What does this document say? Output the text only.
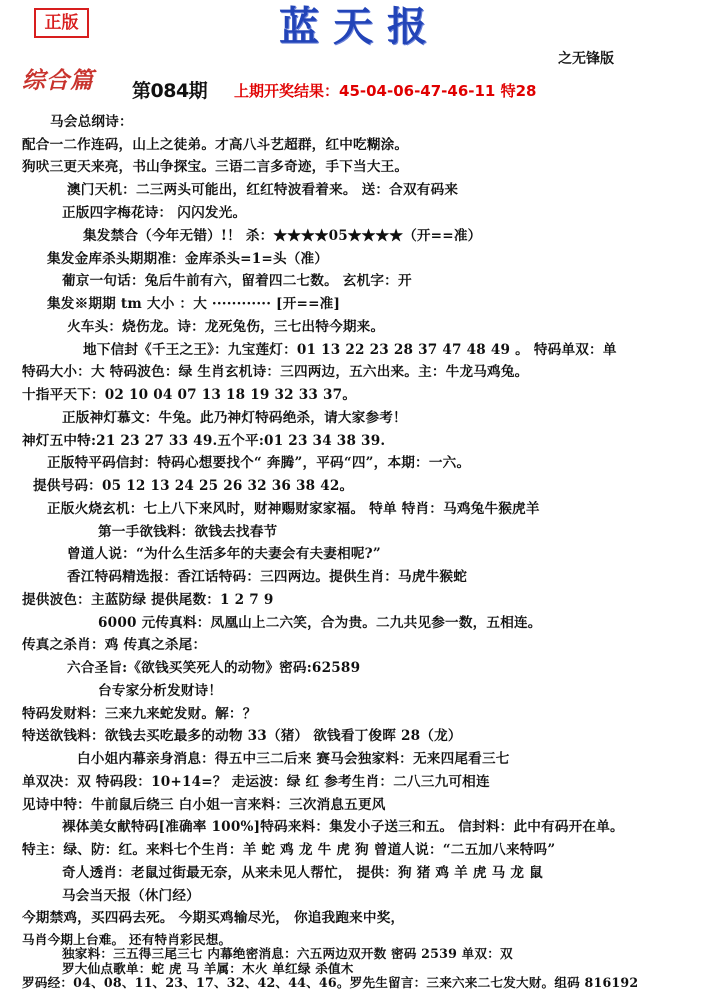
正版	蓝天报
之无锋版
综合篇 第084期 上期开奖结果：45-04-06-47-46-11 特28
马会总纲诗：
配合一二作连码，山上之徒弟。才高八斗艺超群，红中吃糊涂。
狗吠三更天来亮，书山争探宝。三语二言多奇迹，手下当大王。
澳门天机：二三两头可能出，红红特波看着来。 送：合双有码来
正版四字梅花诗： 闪闪发光。
集发禁合（今年无错）!！ 杀：★★★★05★★★★（开==准）
集发金库杀头期期准：金库杀头=1=头（准）
葡京一句话：兔后牛前有六，留着四二七数。 玄机字：开
集发※期期 tm 大小 ：大 ············ [开==准]
火车头：烧伤龙。诗：龙死兔伤，三七出特今期来。
地下信封《千王之王》：九宝莲灯：01 13 22 23 28 37 47 48 49 。 特码单双：单
特码大小：大 特码波色：绿 生肖玄机诗：三四两边，五六出来。主：牛龙马鸡兔。
十指平天下：02 10 04 07 13 18 19 32 33 37。
正版神灯慕文：牛兔。此乃神灯特码绝杀，请大家参考！
神灯五中特:21 23 27 33 49.五个平:01 23 34 38 39.
正版特平码信封：特码心想要找个“ 奔腾”，平码“四”，本期：一六。
提供号码：05 12 13 24 25 26 32 36 38 42。
正版火烧玄机：七上八下来风时，财神赐财家家福。 特单 特肖：马鸡兔牛猴虎羊
第一手欲钱料：欲钱去找春节
曾道人说：“为什么生活多年的夫妻会有夫妻相呢?”
香江特码精选报：香江话特码：三四两边。提供生肖：马虎牛猴蛇
提供波色：主蓝防绿 提供尾数：1 2 7 9
6000 元传真料：凤凰山上二六笑，合为贵。二九共见参一数，五相连。
传真之杀肖：鸡 传真之杀尾：
六合圣旨:《欲钱买笑死人的动物》密码:62589
台专家分析发财诗！
特码发财料：三来九来蛇发财。解：？
特送欲钱料：欲钱去买吃最多的动物 33（猪） 欲钱看丁俊晖 28（龙）
白小姐内幕亲身消息：得五中三二后来 赛马会独家料：无来四尾看三七
单双决：双 特码段：10+14=？ 走运波：绿 红 参考生肖：二八三九可相连
见诗中特：牛前鼠后绕三 白小姐一言来料：三次消息五更风
裸体美女献特码[准确率 100%]特码来料：集发小子送三和五。 信封料：此中有码开在单。
特主：绿、防：红。来料七个生肖：羊 蛇 鸡 龙 牛 虎 狗 曾道人说：“二五加八来特吗”
奇人透肖：老鼠过街最无奈，从来未见人帮忙， 提供：狗 猪 鸡 羊 虎 马 龙 鼠
马会当天报（休门经）
今期禁鸡，买四码去死。 今期买鸡输尽光， 你追我跑来中奖，
马肖今期上台难。 还有特肖彩民想。
独家料：三五得三尾三七 内幕绝密消息：六五两边双开数 密码 2539 单双：双
罗大仙点歌单：蛇 虎 马 羊属：木火 单红绿 杀值木
罗码经：04、08、11、23、17、32、42、44、46。罗先生留言：三来六来二七发大财。组码 816192
